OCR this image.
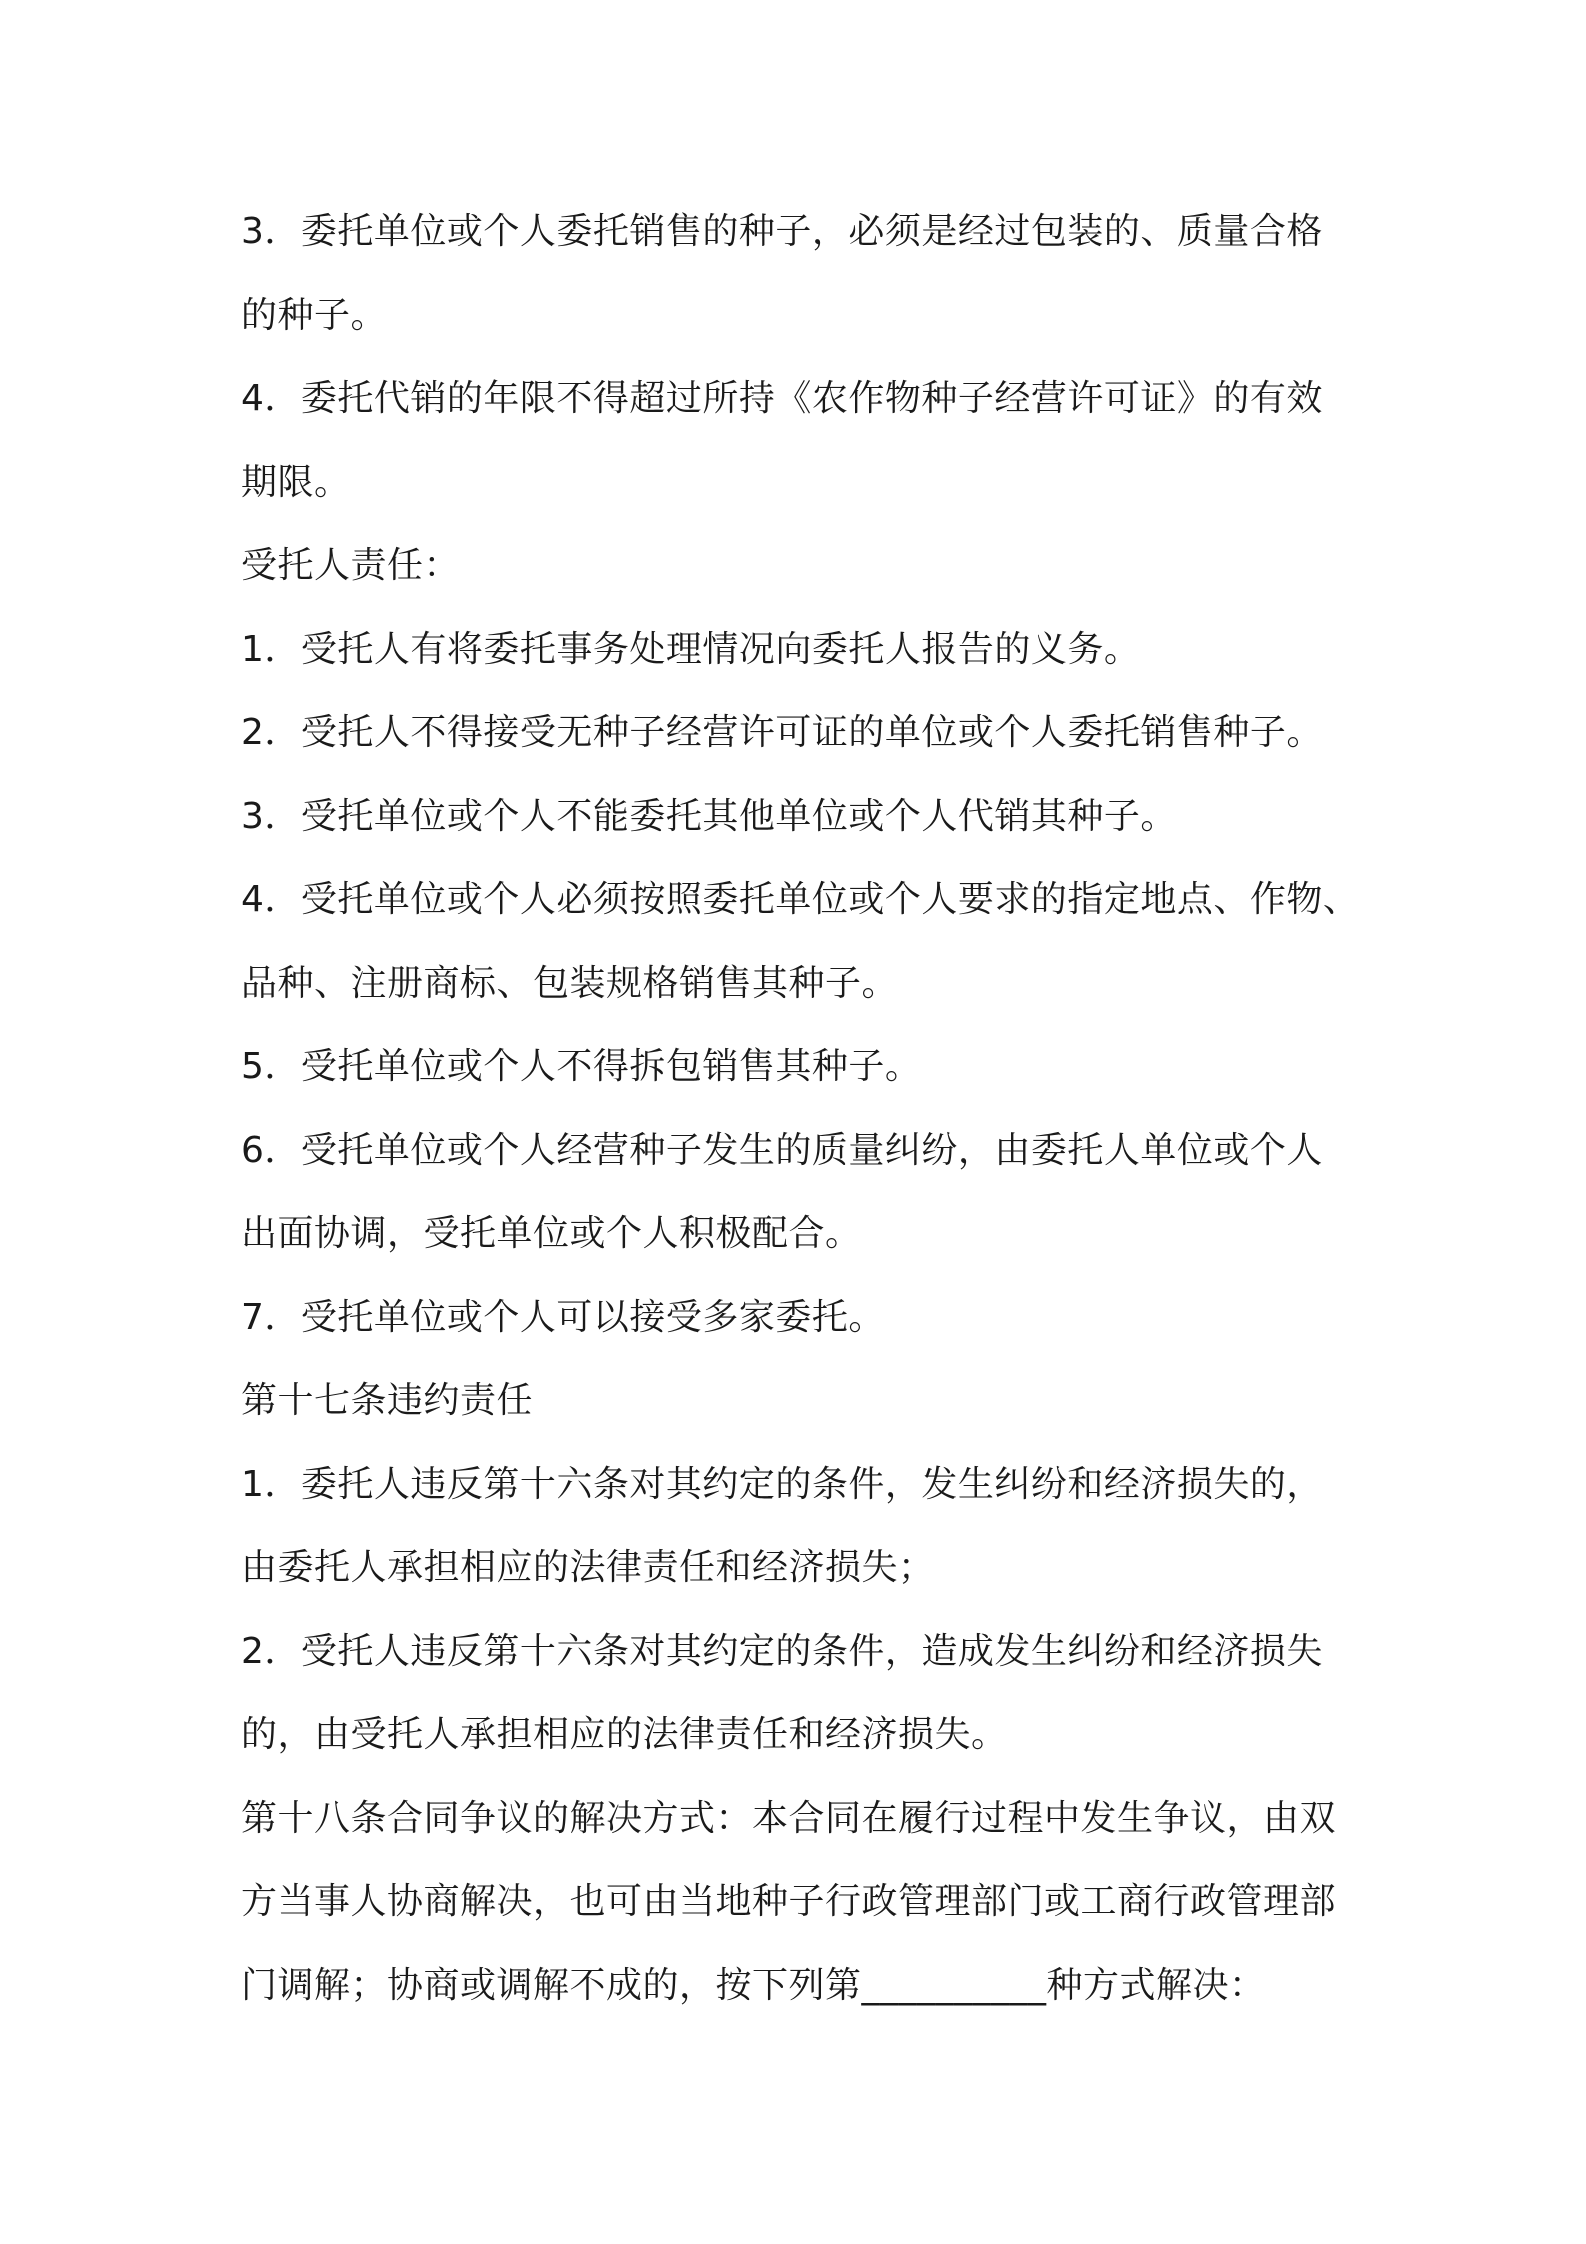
3．委托单位或个人委托销售的种子，必须是经过包装的、质量合格
的种子。
4．委托代销的年限不得超过所持《农作物种子经营许可证》的有效
期限。
受托人责任：
1．受托人有将委托事务处理情况向委托人报告的义务。
2．受托人不得接受无种子经营许可证的单位或个人委托销售种子。
3．受托单位或个人不能委托其他单位或个人代销其种子。
4．受托单位或个人必须按照委托单位或个人要求的指定地点、作物、
品种、注册商标、包装规格销售其种子。
5．受托单位或个人不得拆包销售其种子。
6．受托单位或个人经营种子发生的质量纠纷，由委托人单位或个人
出面协调，受托单位或个人积极配合。
7．受托单位或个人可以接受多家委托。
第十七条违约责任
1．委托人违反第十六条对其约定的条件，发生纠纷和经济损失的，
由委托人承担相应的法律责任和经济损失；
2．受托人违反第十六条对其约定的条件，造成发生纠纷和经济损失
的，由受托人承担相应的法律责任和经济损失。
第十八条合同争议的解决方式：本合同在履行过程中发生争议，由双
方当事人协商解决，也可由当地种子行政管理部门或工商行政管理部
门调解；协商或调解不成的，按下列第__________种方式解决：
